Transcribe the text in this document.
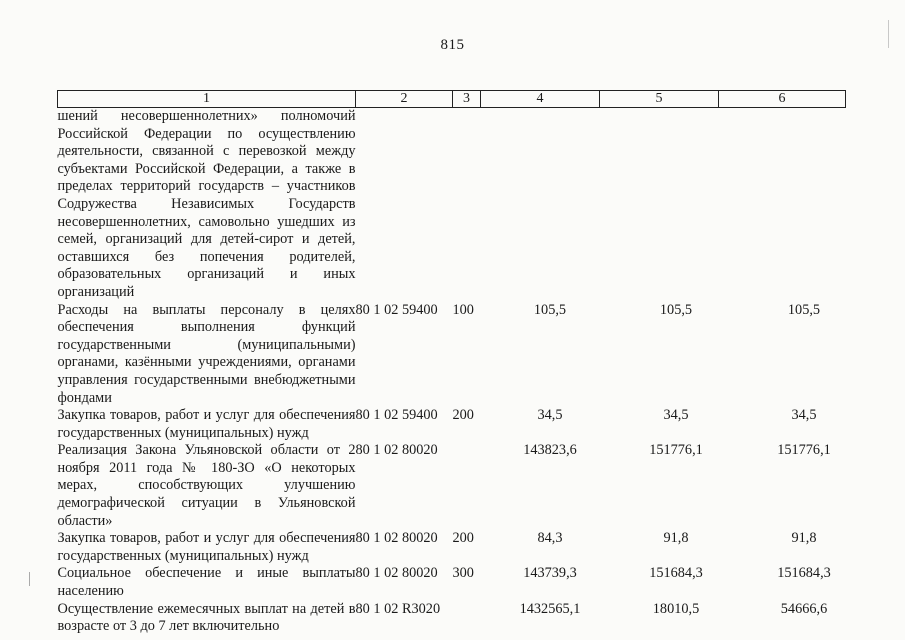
815
1	2	3	4	5	6
шений несовершеннолетних» полномочий Российской Федерации по осуществлению деятельности, связанной с перевозкой между субъектами Российской Федерации, а также в пределах территорий государств – участников Содружества Независимых Государств несовершеннолетних, самовольно ушедших из семей, организаций для детей-сирот и детей, оставшихся без попечения родителей, образовательных организаций и иных организаций					
Расходы на выплаты персоналу в целях обеспечения выполнения функций государственными (муниципальными) органами, казёнными учреждениями, органами управления государственными внебюджетными фондами	80 1 02 59400	100	105,5	105,5	105,5
Закупка товаров, работ и услуг для обеспечения государственных (муниципальных) нужд	80 1 02 59400	200	34,5	34,5	34,5
Реализация Закона Ульяновской области от 2 ноября 2011 года № 180-ЗО «О некоторых мерах, способствующих улучшению демографической ситуации в Ульяновской области»	80 1 02 80020		143823,6	151776,1	151776,1
Закупка товаров, работ и услуг для обеспечения государственных (муниципальных) нужд	80 1 02 80020	200	84,3	91,8	91,8
Социальное обеспечение и иные выплаты населению	80 1 02 80020	300	143739,3	151684,3	151684,3
Осуществление ежемесячных выплат на детей в возрасте от 3 до 7 лет включительно	80 1 02 R3020		1432565,1	18010,5	54666,6
